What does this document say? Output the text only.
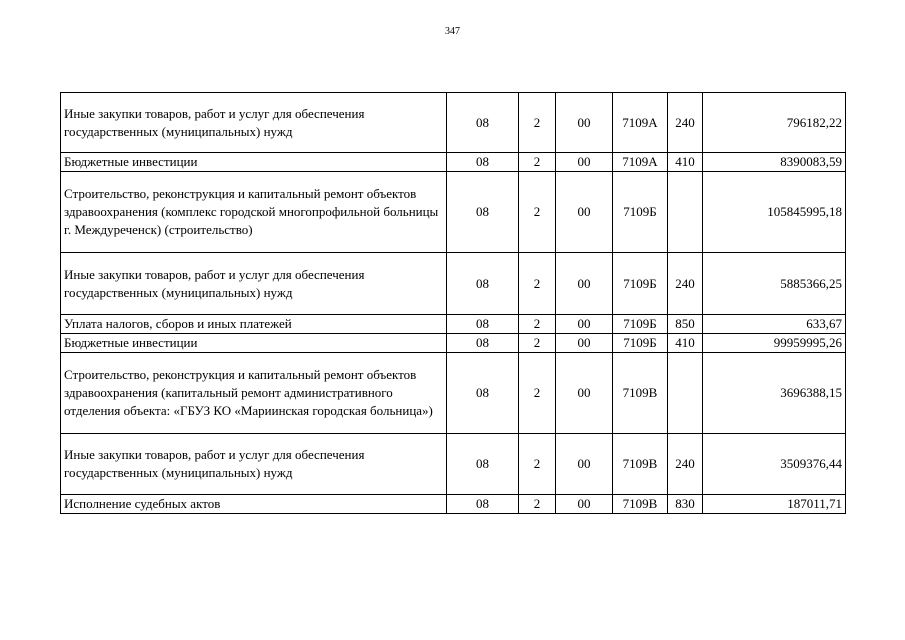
347
Иные закупки товаров, работ и услуг для обеспечения государственных (муниципальных) нужд	08	2	00	7109А	240	796182,22
Бюджетные инвестиции	08	2	00	7109А	410	8390083,59
Строительство, реконструкция и капитальный ремонт объектов здравоохранения (комплекс городской многопрофильной больницы г. Междуреченск) (строительство)	08	2	00	7109Б		105845995,18
Иные закупки товаров, работ и услуг для обеспечения государственных (муниципальных) нужд	08	2	00	7109Б	240	5885366,25
Уплата налогов, сборов и иных платежей	08	2	00	7109Б	850	633,67
Бюджетные инвестиции	08	2	00	7109Б	410	99959995,26
Строительство, реконструкция и капитальный ремонт объектов здравоохранения (капитальный ремонт административного отделения объекта: «ГБУЗ КО «Мариинская городская больница»)	08	2	00	7109В		3696388,15
Иные закупки товаров, работ и услуг для обеспечения государственных (муниципальных) нужд	08	2	00	7109В	240	3509376,44
Исполнение судебных актов	08	2	00	7109В	830	187011,71
